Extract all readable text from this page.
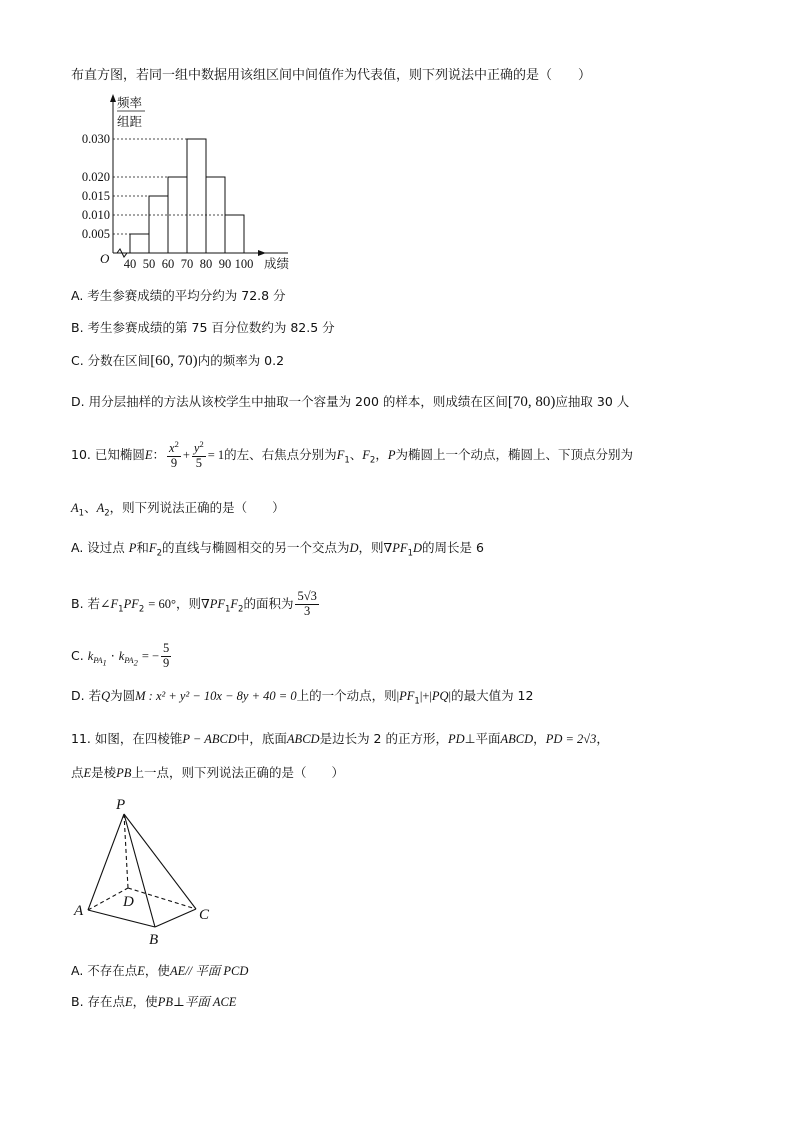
布直方图，若同一组中数据用该组区间中间值作为代表值，则下列说法中正确的是（　　）
频率
组距
O
0.005
0.010
0.015
0.020
0.030
40 50 60 70 80 90 100 成绩
A. 考生参赛成绩的平均分约为 72.8 分
B. 考生参赛成绩的第 75 百分位数约为 82.5 分
C. 分数在区间[60, 70)内的频率为 0.2
D. 用分层抽样的方法从该校学生中抽取一个容量为 200 的样本，则成绩在区间[70, 80)应抽取 30 人
10. 已知椭圆E： $\frac{x^2}{9} + \frac{y^2}{5} = 1$的左、右焦点分别为$F_1$、$F_2$，P为椭圆上一个动点，椭圆上、下顶点分别为
$A_1$、$A_2$，则下列说法正确的是（　　）
A. 设过点 P和$F_2$的直线与椭圆相交的另一个交点为D，则$\nabla PF_1D$的周长是 6
B. 若$\angle F_1PF_2 = 60^\circ$，则$\nabla PF_1F_2$的面积为 $\frac{5√3}{3}$
C. $k_{PA_1} \cdot k_{PA_2}$ = − $\frac{5}{9}$
D. 若Q为圆M : x² + y² − 10x − 8y + 40 = 0上的一个动点，则$|PF_1|+|PQ|$的最大值为 12
11. 如图，在四棱锥P − ABCD中，底面ABCD是边长为 2 的正方形，PD⊥平面ABCD，PD = 2√3，
点E是棱PB上一点，则下列说法正确的是（　　）
P
A
B
C
D
A. 不存在点E，使AE// 平面 PCD
B. 存在点E，使PB⊥平面 ACE
